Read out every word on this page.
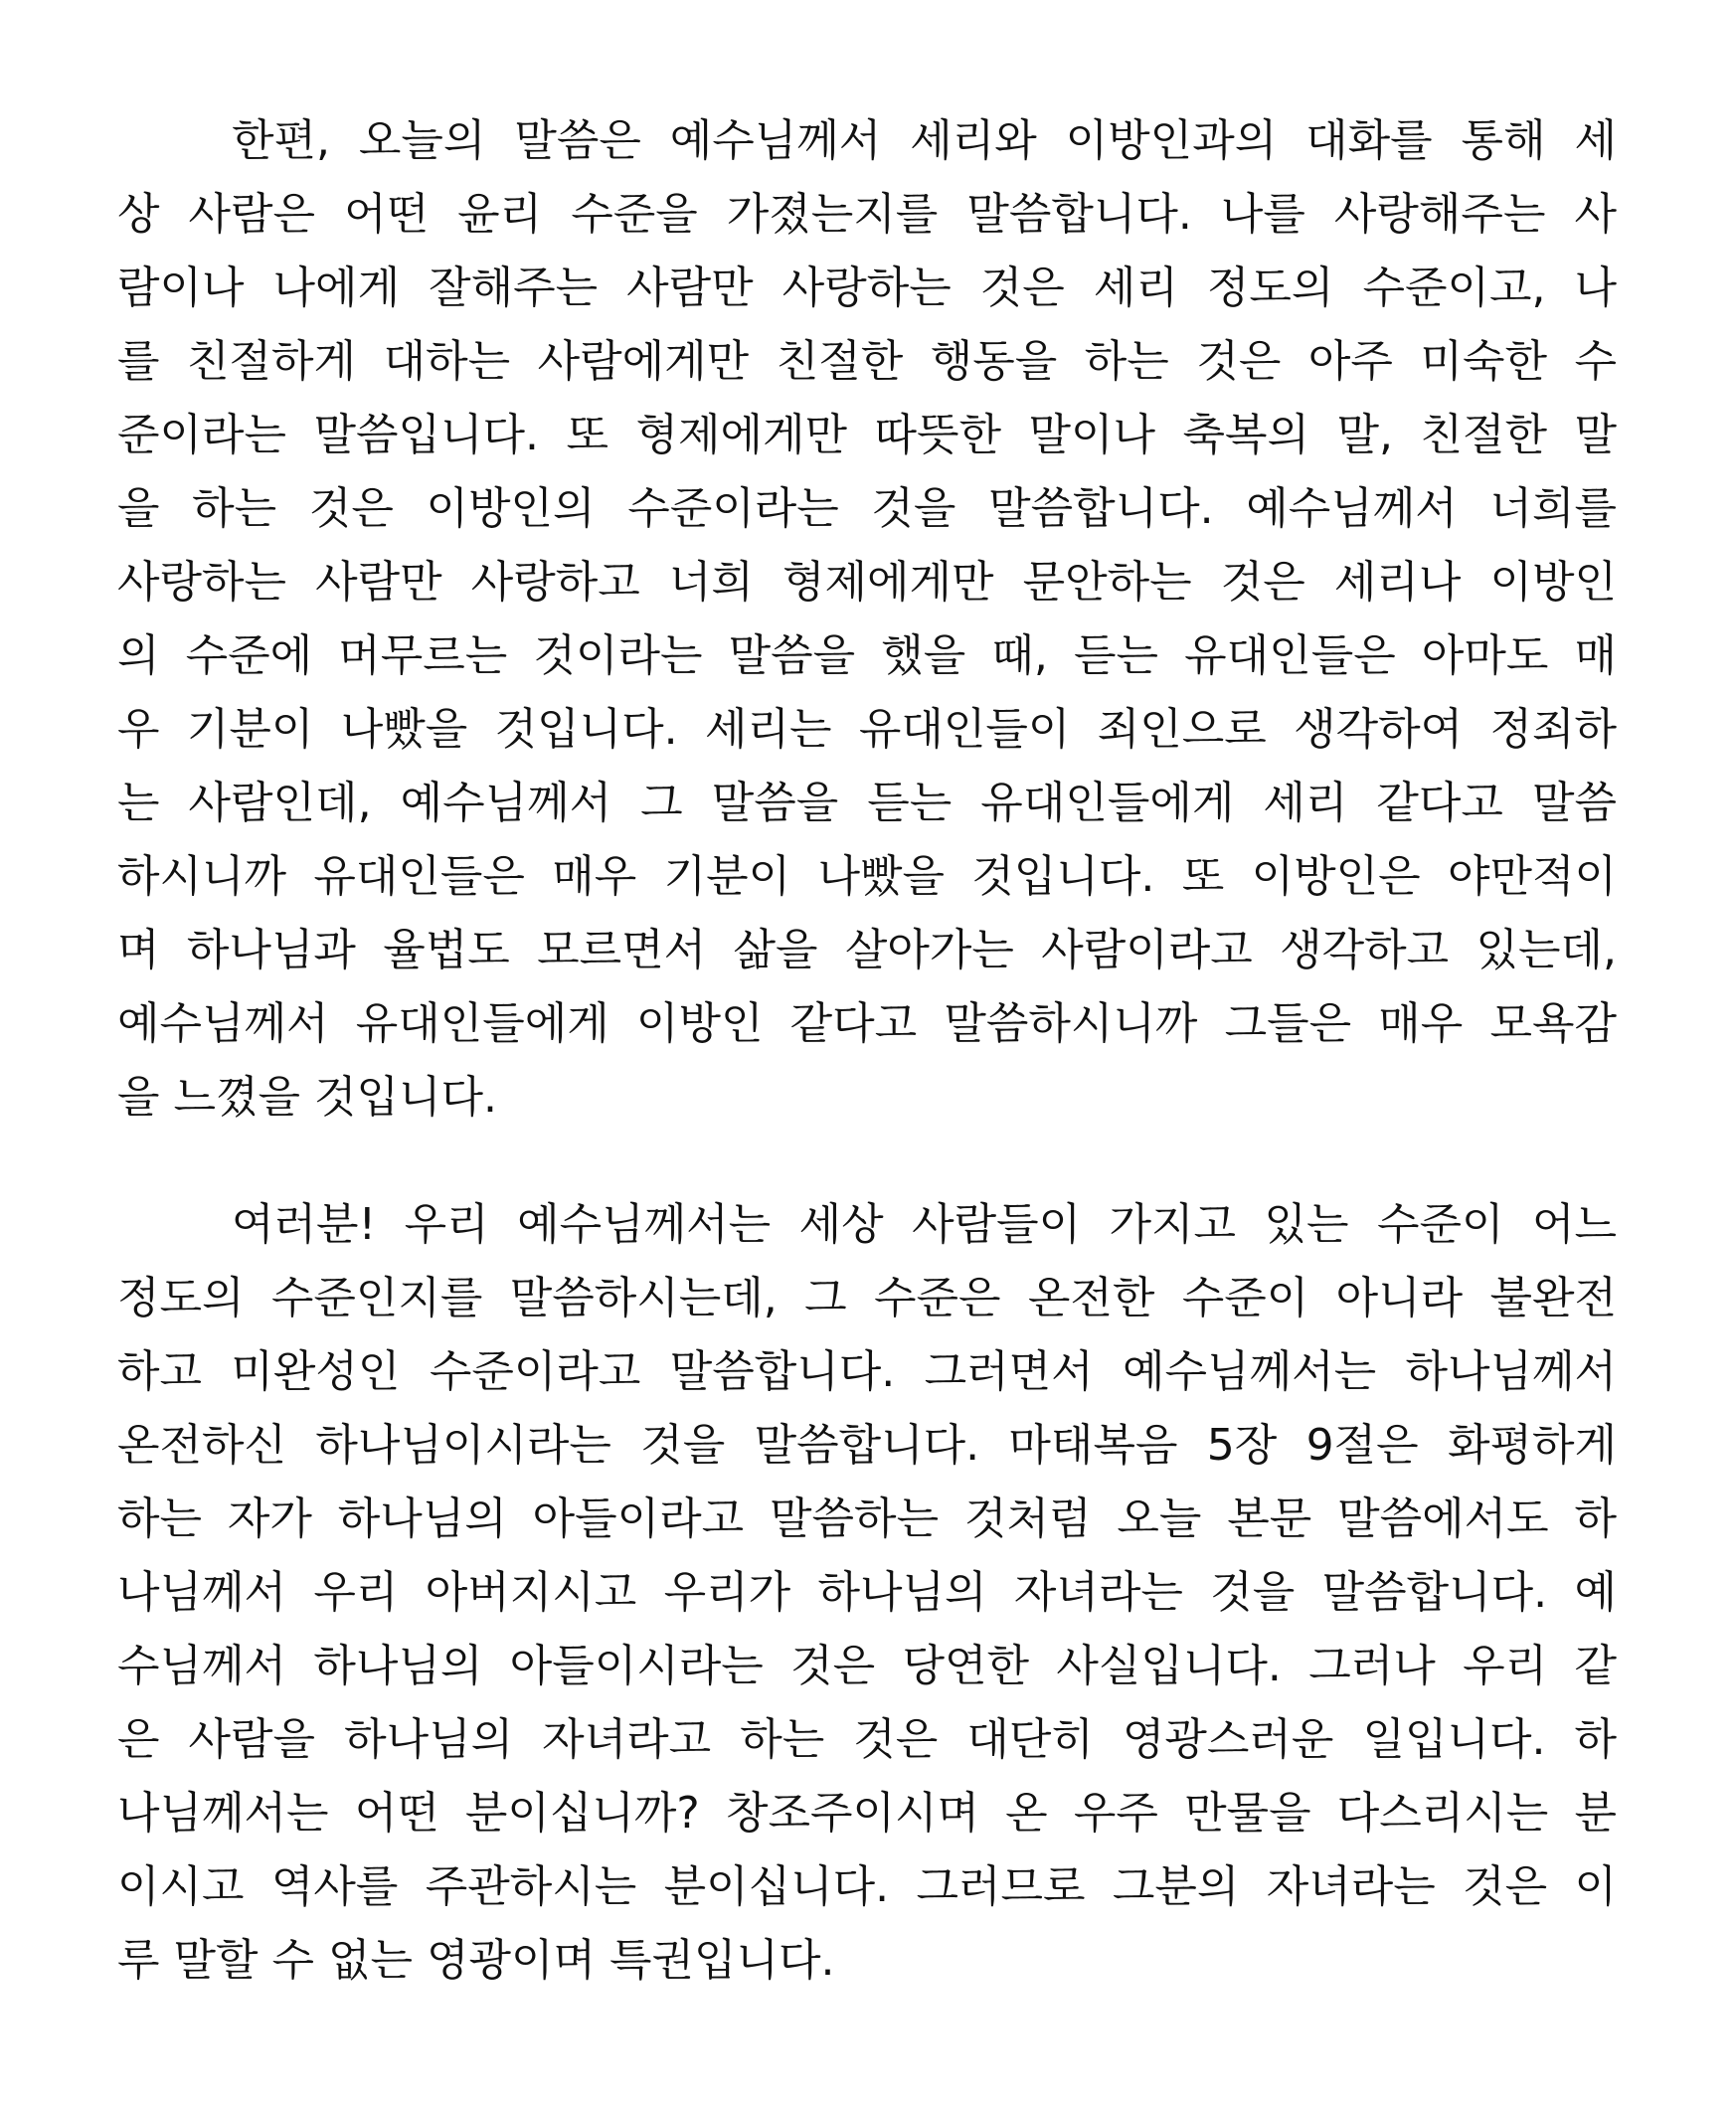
한편, 오늘의 말씀은 예수님께서 세리와 이방인과의 대화를 통해 세
상 사람은 어떤 윤리 수준을 가졌는지를 말씀합니다. 나를 사랑해주는 사
람이나 나에게 잘해주는 사람만 사랑하는 것은 세리 정도의 수준이고, 나
를 친절하게 대하는 사람에게만 친절한 행동을 하는 것은 아주 미숙한 수
준이라는 말씀입니다. 또 형제에게만 따뜻한 말이나 축복의 말, 친절한 말
을 하는 것은 이방인의 수준이라는 것을 말씀합니다. 예수님께서 너희를
사랑하는 사람만 사랑하고 너희 형제에게만 문안하는 것은 세리나 이방인
의 수준에 머무르는 것이라는 말씀을 했을 때, 듣는 유대인들은 아마도 매
우 기분이 나빴을 것입니다. 세리는 유대인들이 죄인으로 생각하여 정죄하
는 사람인데, 예수님께서 그 말씀을 듣는 유대인들에게 세리 같다고 말씀
하시니까 유대인들은 매우 기분이 나빴을 것입니다. 또 이방인은 야만적이
며 하나님과 율법도 모르면서 삶을 살아가는 사람이라고 생각하고 있는데,
예수님께서 유대인들에게 이방인 같다고 말씀하시니까 그들은 매우 모욕감
을 느꼈을 것입니다.
여러분! 우리 예수님께서는 세상 사람들이 가지고 있는 수준이 어느
정도의 수준인지를 말씀하시는데, 그 수준은 온전한 수준이 아니라 불완전
하고 미완성인 수준이라고 말씀합니다. 그러면서 예수님께서는 하나님께서
온전하신 하나님이시라는 것을 말씀합니다. 마태복음 5장 9절은 화평하게
하는 자가 하나님의 아들이라고 말씀하는 것처럼 오늘 본문 말씀에서도 하
나님께서 우리 아버지시고 우리가 하나님의 자녀라는 것을 말씀합니다. 예
수님께서 하나님의 아들이시라는 것은 당연한 사실입니다. 그러나 우리 같
은 사람을 하나님의 자녀라고 하는 것은 대단히 영광스러운 일입니다. 하
나님께서는 어떤 분이십니까? 창조주이시며 온 우주 만물을 다스리시는 분
이시고 역사를 주관하시는 분이십니다. 그러므로 그분의 자녀라는 것은 이
루 말할 수 없는 영광이며 특권입니다.
